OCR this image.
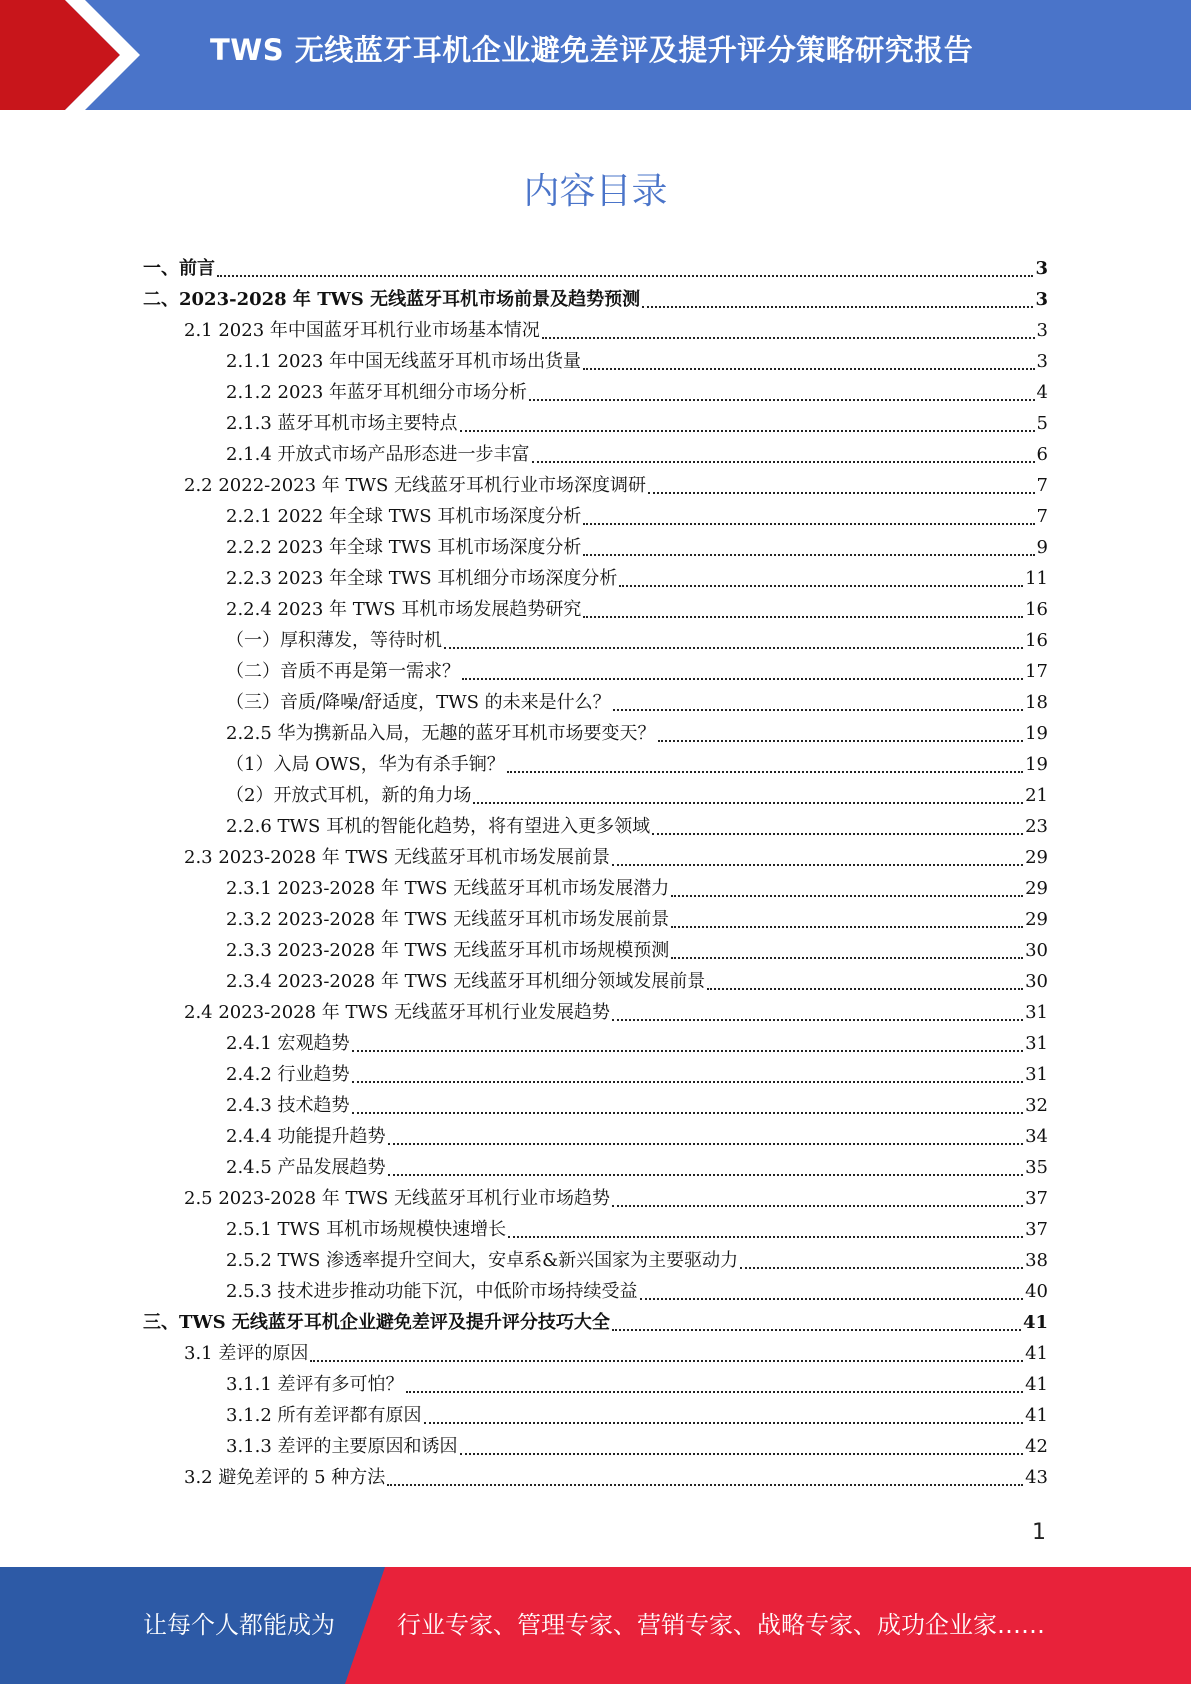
TWS 无线蓝牙耳机企业避免差评及提升评分策略研究报告
内容目录
一、前言	3
二、2023-2028 年 TWS 无线蓝牙耳机市场前景及趋势预测	3
2.1 2023 年中国蓝牙耳机行业市场基本情况	3
2.1.1 2023 年中国无线蓝牙耳机市场出货量	3
2.1.2 2023 年蓝牙耳机细分市场分析	4
2.1.3 蓝牙耳机市场主要特点	5
2.1.4 开放式市场产品形态进一步丰富	6
2.2 2022-2023 年 TWS 无线蓝牙耳机行业市场深度调研	7
2.2.1 2022 年全球 TWS 耳机市场深度分析	7
2.2.2 2023 年全球 TWS 耳机市场深度分析	9
2.2.3 2023 年全球 TWS 耳机细分市场深度分析	11
2.2.4 2023 年 TWS 耳机市场发展趋势研究	16
（一）厚积薄发，等待时机	16
（二）音质不再是第一需求？	17
（三）音质/降噪/舒适度，TWS 的未来是什么？	18
2.2.5 华为携新品入局，无趣的蓝牙耳机市场要变天？	19
（1）入局 OWS，华为有杀手锏？	19
（2）开放式耳机，新的角力场	21
2.2.6 TWS 耳机的智能化趋势，将有望进入更多领域	23
2.3 2023-2028 年 TWS 无线蓝牙耳机市场发展前景	29
2.3.1 2023-2028 年 TWS 无线蓝牙耳机市场发展潜力	29
2.3.2 2023-2028 年 TWS 无线蓝牙耳机市场发展前景	29
2.3.3 2023-2028 年 TWS 无线蓝牙耳机市场规模预测	30
2.3.4 2023-2028 年 TWS 无线蓝牙耳机细分领域发展前景	30
2.4 2023-2028 年 TWS 无线蓝牙耳机行业发展趋势	31
2.4.1 宏观趋势	31
2.4.2 行业趋势	31
2.4.3 技术趋势	32
2.4.4 功能提升趋势	34
2.4.5 产品发展趋势	35
2.5 2023-2028 年 TWS 无线蓝牙耳机行业市场趋势	37
2.5.1 TWS 耳机市场规模快速增长	37
2.5.2 TWS 渗透率提升空间大，安卓系&新兴国家为主要驱动力	38
2.5.3 技术进步推动功能下沉，中低阶市场持续受益	40
三、TWS 无线蓝牙耳机企业避免差评及提升评分技巧大全	41
3.1 差评的原因	41
3.1.1 差评有多可怕？	41
3.1.2 所有差评都有原因	41
3.1.3 差评的主要原因和诱因	42
3.2 避免差评的 5 种方法	43
1
让每个人都能成为	行业专家、管理专家、营销专家、战略专家、成功企业家……
